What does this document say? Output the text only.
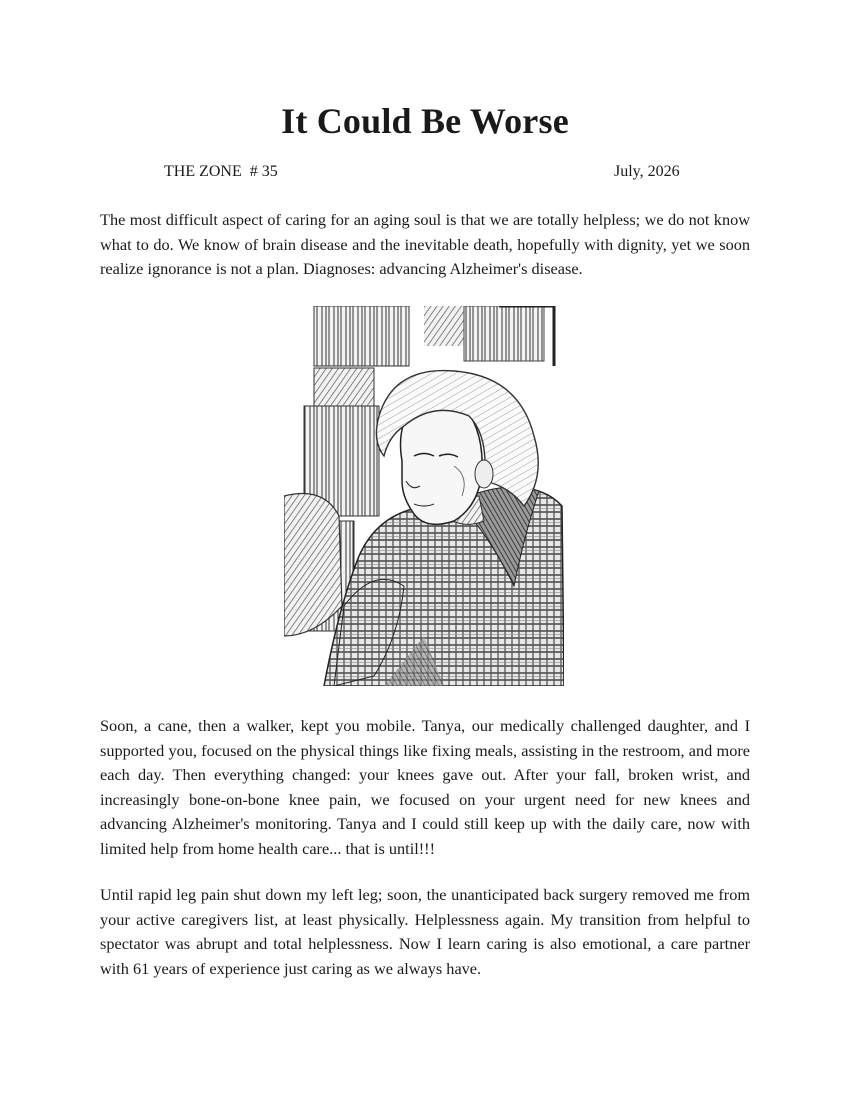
It Could Be Worse
THE ZONE  # 35	July, 2026

The most difficult aspect of caring for an aging soul is that we are totally helpless; we do not know what to do. We know of brain disease and the inevitable death, hopefully with dignity, yet we soon realize ignorance is not a plan. Diagnoses: advancing Alzheimer's disease.

Soon, a cane, then a walker, kept you mobile. Tanya, our medically challenged daughter, and I supported you, focused on the physical things like fixing meals, assisting in the restroom, and more each day. Then everything changed: your knees gave out. After your fall, broken wrist, and increasingly bone-on-bone knee pain, we focused on your urgent need for new knees and advancing Alzheimer's monitoring. Tanya and I could still keep up with the daily care, now with limited help from home health care... that is until!!!

Until rapid leg pain shut down my left leg; soon, the unanticipated back surgery removed me from your active caregivers list, at least physically. Helplessness again. My transition from helpful to spectator was abrupt and total helplessness. Now I learn caring is also emotional, a care partner with 61 years of experience just caring as we always have.
